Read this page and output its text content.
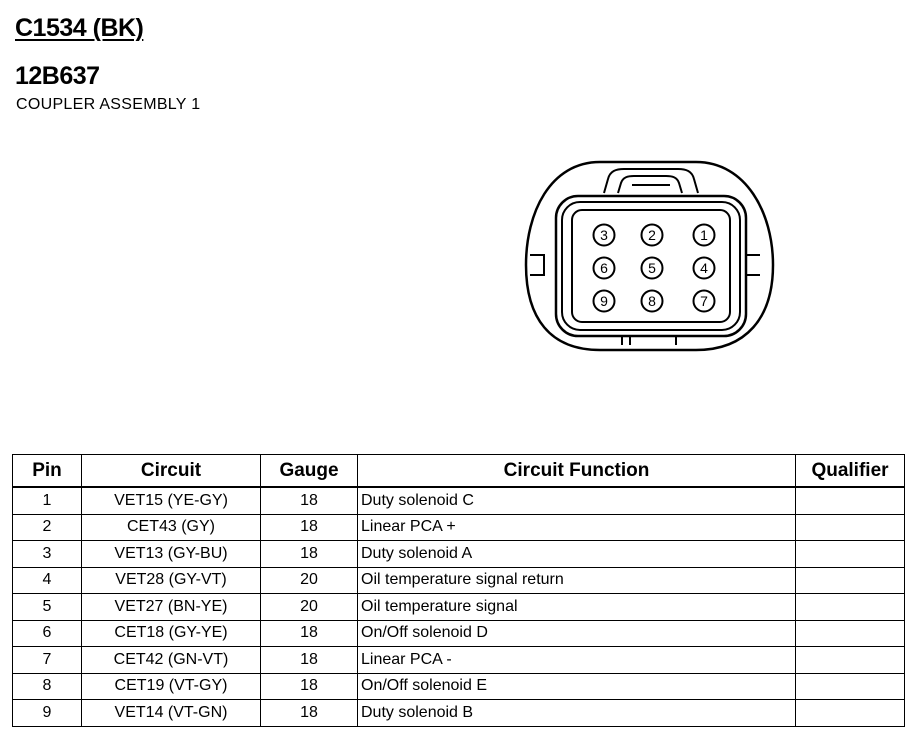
C1534 (BK)
12B637
COUPLER ASSEMBLY 1
3	2	1
6	5	4
9	8	7
Pin	Circuit	Gauge	Circuit Function	Qualifier
1	VET15 (YE-GY)	18	Duty solenoid C	
2	CET43 (GY)	18	Linear PCA +	
3	VET13 (GY-BU)	18	Duty solenoid A	
4	VET28 (GY-VT)	20	Oil temperature signal return	
5	VET27 (BN-YE)	20	Oil temperature signal	
6	CET18 (GY-YE)	18	On/Off solenoid D	
7	CET42 (GN-VT)	18	Linear PCA -	
8	CET19 (VT-GY)	18	On/Off solenoid E	
9	VET14 (VT-GN)	18	Duty solenoid B	
